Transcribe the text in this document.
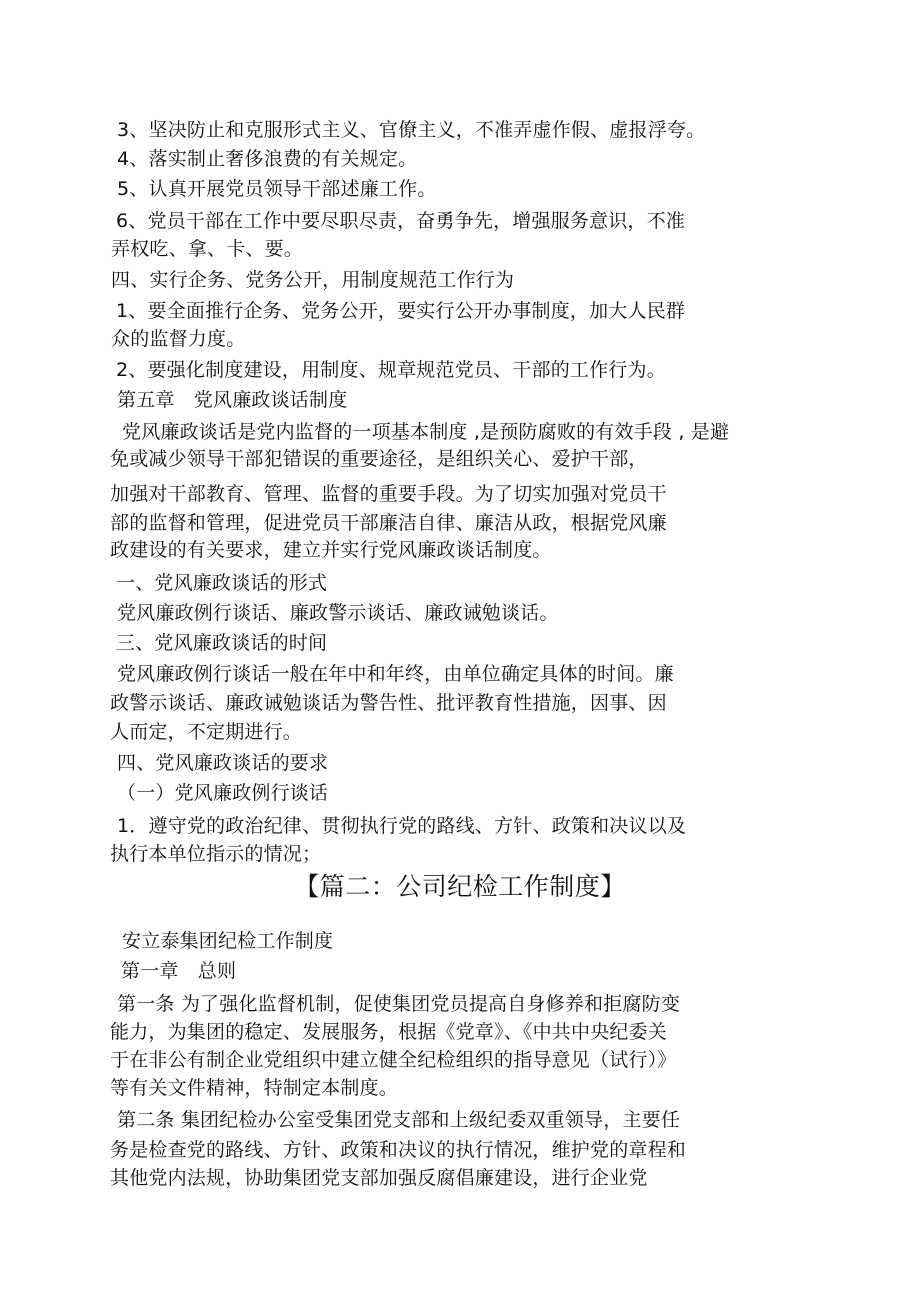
3、坚决防止和克服形式主义、官僚主义，不准弄虚作假、虚报浮夸。
4、落实制止奢侈浪费的有关规定。
5、认真开展党员领导干部述廉工作。
6、党员干部在工作中要尽职尽责，奋勇争先，增强服务意识，不准
弄权吃、拿、卡、要。
四、实行企务、党务公开，用制度规范工作行为
1、要全面推行企务、党务公开，要实行公开办事制度，加大人民群
众的监督力度。
2、要强化制度建设，用制度、规章规范党员、干部的工作行为。
第五章　党风廉政谈话制度
党风廉政谈话是党内监督的一项基本制度 ,是预防腐败的有效手段 , 是避
免或减少领导干部犯错误的重要途径，是组织关心、爱护干部，
加强对干部教育、管理、监督的重要手段。为了切实加强对党员干
部的监督和管理，促进党员干部廉洁自律、廉洁从政，根据党风廉
政建设的有关要求，建立并实行党风廉政谈话制度。
一、党风廉政谈话的形式
党风廉政例行谈话、廉政警示谈话、廉政诫勉谈话。
三、党风廉政谈话的时间
党风廉政例行谈话一般在年中和年终，由单位确定具体的时间。廉
政警示谈话、廉政诫勉谈话为警告性、批评教育性措施，因事、因
人而定，不定期进行。
四、党风廉政谈话的要求
（一）党风廉政例行谈话
1．遵守党的政治纪律、贯彻执行党的路线、方针、政策和决议以及
执行本单位指示的情况；
【篇二：公司纪检工作制度】
安立泰集团纪检工作制度
第一章　总则
第一条 为了强化监督机制，促使集团党员提高自身修养和拒腐防变
能力，为集团的稳定、发展服务，根据《党章》、《中共中央纪委关
于在非公有制企业党组织中建立健全纪检组织的指导意见（试行）》
等有关文件精神，特制定本制度。
第二条 集团纪检办公室受集团党支部和上级纪委双重领导，主要任
务是检查党的路线、方针、政策和决议的执行情况，维护党的章程和
其他党内法规，协助集团党支部加强反腐倡廉建设，进行企业党
